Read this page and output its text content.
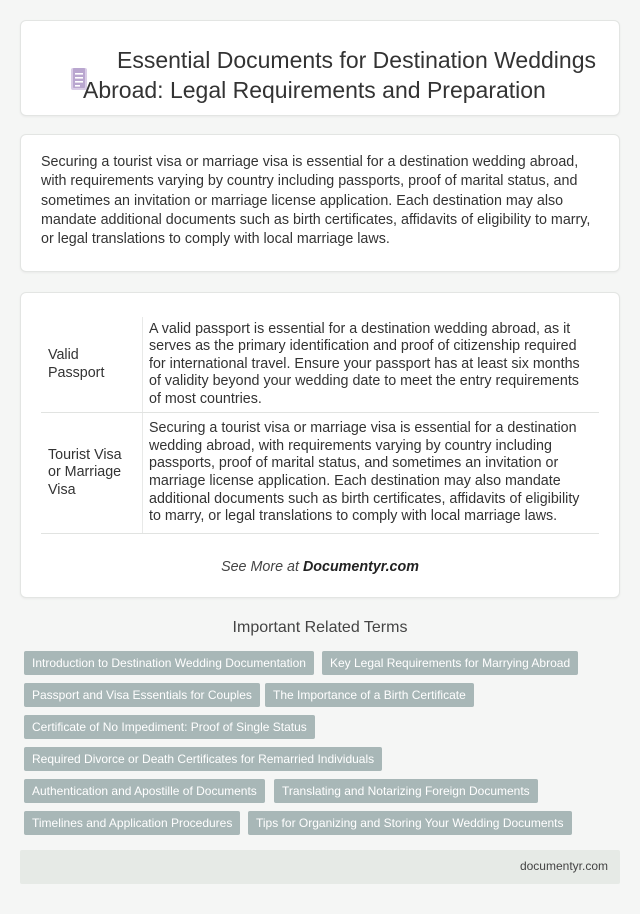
Essential Documents for Destination Weddings Abroad: Legal Requirements and Preparation

Securing a tourist visa or marriage visa is essential for a destination wedding abroad, with requirements varying by country including passports, proof of marital status, and sometimes an invitation or marriage license application. Each destination may also mandate additional documents such as birth certificates, affidavits of eligibility to marry, or legal translations to comply with local marriage laws.

Valid Passport	A valid passport is essential for a destination wedding abroad, as it serves as the primary identification and proof of citizenship required for international travel. Ensure your passport has at least six months of validity beyond your wedding date to meet the entry requirements of most countries.
Tourist Visa or Marriage Visa	Securing a tourist visa or marriage visa is essential for a destination wedding abroad, with requirements varying by country including passports, proof of marital status, and sometimes an invitation or marriage license application. Each destination may also mandate additional documents such as birth certificates, affidavits of eligibility to marry, or legal translations to comply with local marriage laws.

See More at Documentyr.com

Important Related Terms
Introduction to Destination Wedding Documentation	Key Legal Requirements for Marrying Abroad
Passport and Visa Essentials for Couples	The Importance of a Birth Certificate
Certificate of No Impediment: Proof of Single Status
Required Divorce or Death Certificates for Remarried Individuals
Authentication and Apostille of Documents	Translating and Notarizing Foreign Documents
Timelines and Application Procedures	Tips for Organizing and Storing Your Wedding Documents
documentyr.com
